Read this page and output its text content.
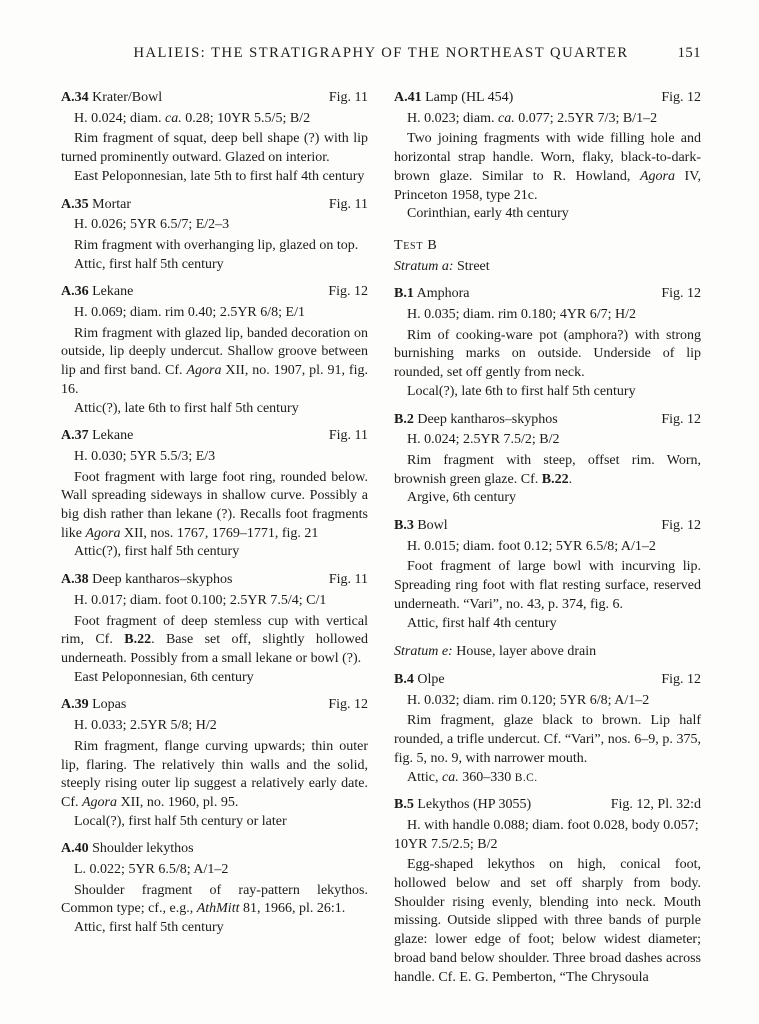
HALIEIS: THE STRATIGRAPHY OF THE NORTHEAST QUARTER	151

A.34 Krater/Bowl	Fig. 11

H. 0.024; diam. ca. 0.28; 10YR 5.5/5; B/2

Rim fragment of squat, deep bell shape (?) with lip turned prominently outward. Glazed on interior.

East Peloponnesian, late 5th to first half 4th century

A.35 Mortar	Fig. 11

H. 0.026; 5YR 6.5/7; E/2–3

Rim fragment with overhanging lip, glazed on top.

Attic, first half 5th century

A.36 Lekane	Fig. 12

H. 0.069; diam. rim 0.40; 2.5YR 6/8; E/1

Rim fragment with glazed lip, banded decoration on outside, lip deeply undercut. Shallow groove between lip and first band. Cf. Agora XII, no. 1907, pl. 91, fig. 16.

Attic(?), late 6th to first half 5th century

A.37 Lekane	Fig. 11

H. 0.030; 5YR 5.5/3; E/3

Foot fragment with large foot ring, rounded below. Wall spreading sideways in shallow curve. Possibly a big dish rather than lekane (?). Recalls foot fragments like Agora XII, nos. 1767, 1769–1771, fig. 21

Attic(?), first half 5th century

A.38 Deep kantharos–skyphos	Fig. 11

H. 0.017; diam. foot 0.100; 2.5YR 7.5/4; C/1

Foot fragment of deep stemless cup with vertical rim, Cf. B.22. Base set off, slightly hollowed underneath. Possibly from a small lekane or bowl (?).

East Peloponnesian, 6th century

A.39 Lopas	Fig. 12

H. 0.033; 2.5YR 5/8; H/2

Rim fragment, flange curving upwards; thin outer lip, flaring. The relatively thin walls and the solid, steeply rising outer lip suggest a relatively early date. Cf. Agora XII, no. 1960, pl. 95.

Local(?), first half 5th century or later

A.40 Shoulder lekythos

L. 0.022; 5YR 6.5/8; A/1–2

Shoulder fragment of ray-pattern lekythos. Common type; cf., e.g., AthMitt 81, 1966, pl. 26:1.

Attic, first half 5th century

A.41 Lamp (HL 454)	Fig. 12

H. 0.023; diam. ca. 0.077; 2.5YR 7/3; B/1–2

Two joining fragments with wide filling hole and horizontal strap handle. Worn, flaky, black-to-dark-brown glaze. Similar to R. Howland, Agora IV, Princeton 1958, type 21c.

Corinthian, early 4th century

Test B

Stratum a: Street

B.1 Amphora	Fig. 12

H. 0.035; diam. rim 0.180; 4YR 6/7; H/2

Rim of cooking-ware pot (amphora?) with strong burnishing marks on outside. Underside of lip rounded, set off gently from neck.

Local(?), late 6th to first half 5th century

B.2 Deep kantharos–skyphos	Fig. 12

H. 0.024; 2.5YR 7.5/2; B/2

Rim fragment with steep, offset rim. Worn, brownish green glaze. Cf. B.22.

Argive, 6th century

B.3 Bowl	Fig. 12

H. 0.015; diam. foot 0.12; 5YR 6.5/8; A/1–2

Foot fragment of large bowl with incurving lip. Spreading ring foot with flat resting surface, reserved underneath. “Vari”, no. 43, p. 374, fig. 6.

Attic, first half 4th century

Stratum e: House, layer above drain

B.4 Olpe	Fig. 12

H. 0.032; diam. rim 0.120; 5YR 6/8; A/1–2

Rim fragment, glaze black to brown. Lip half rounded, a trifle undercut. Cf. “Vari”, nos. 6–9, p. 375, fig. 5, no. 9, with narrower mouth.

Attic, ca. 360–330 B.C.

B.5 Lekythos (HP 3055)	Fig. 12, Pl. 32:d

H. with handle 0.088; diam. foot 0.028, body 0.057; 10YR 7.5/2.5; B/2

Egg-shaped lekythos on high, conical foot, hollowed below and set off sharply from body. Shoulder rising evenly, blending into neck. Mouth missing. Outside slipped with three bands of purple glaze: lower edge of foot; below widest diameter; broad band below shoulder. Three broad dashes across handle. Cf. E. G. Pemberton, “The Chrysoula
